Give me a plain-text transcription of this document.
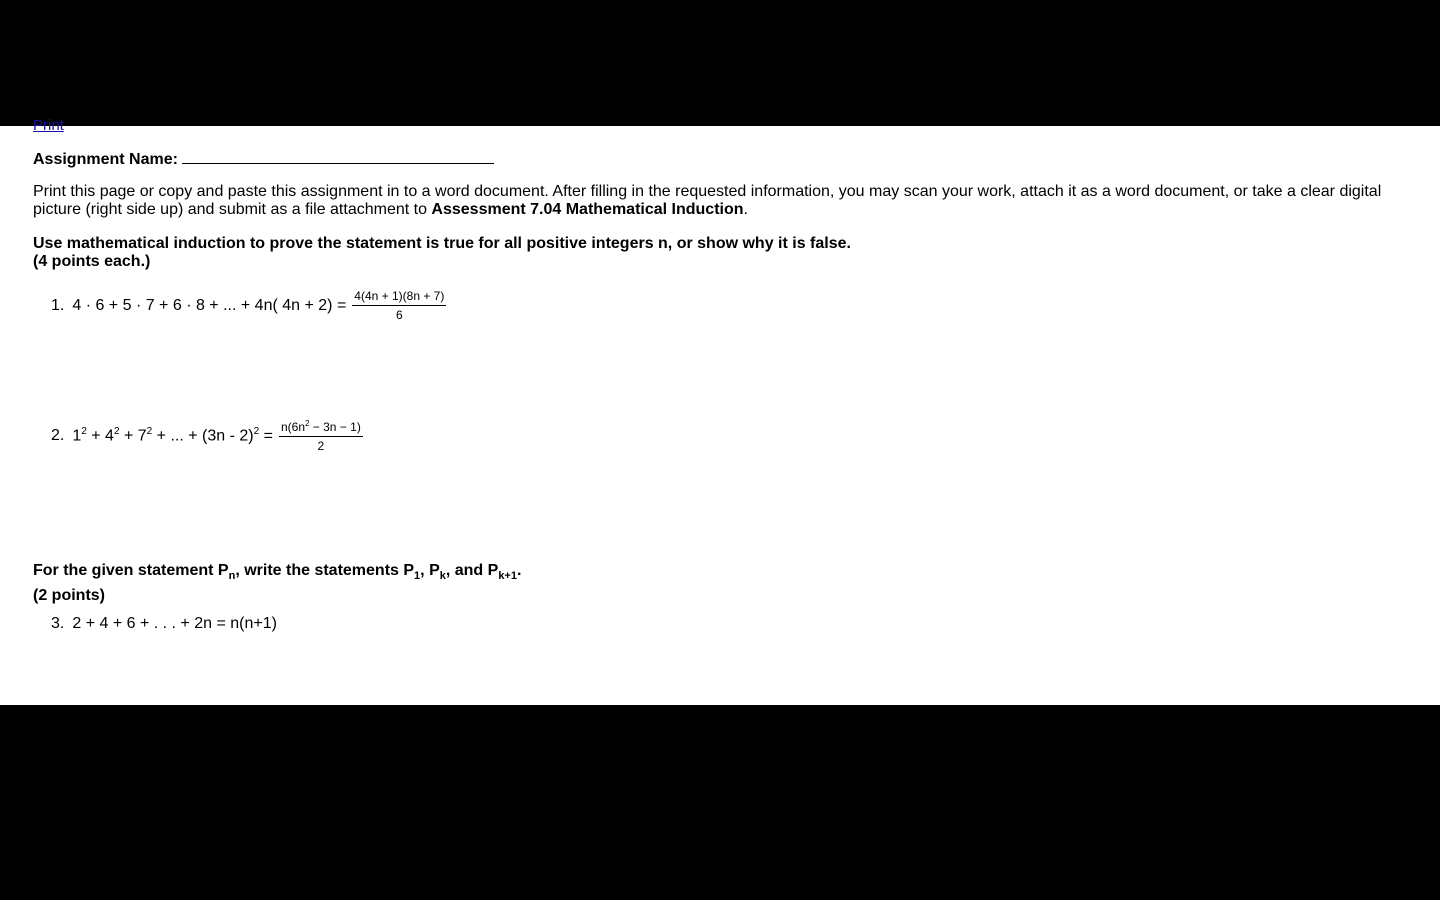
Print
Assignment Name:
Print this page or copy and paste this assignment in to a word document. After filling in the requested information, you may scan your work, attach it as a word document, or take a clear digital picture (right side up) and submit as a file attachment to Assessment 7.04 Mathematical Induction.
Use mathematical induction to prove the statement is true for all positive integers n, or show why it is false.
(4 points each.)
1. 4 · 6 + 5 · 7 + 6 · 8 + ... + 4n( $4n + 2) = \frac{4(4n + 1)(8n + 7)}{6}$
2. $1^2 + 4^2 + 7^2$ + ... + $(3n - 2)^2 = \frac{n(6n^2 - 3n - 1)}{2}$
For the given statement $P_n$, write the statements $P_1$, $P_k$, and $P_{k+1}$.
(2 points)
3. 2 + 4 + 6 + . . . + 2n = n(n+1)
